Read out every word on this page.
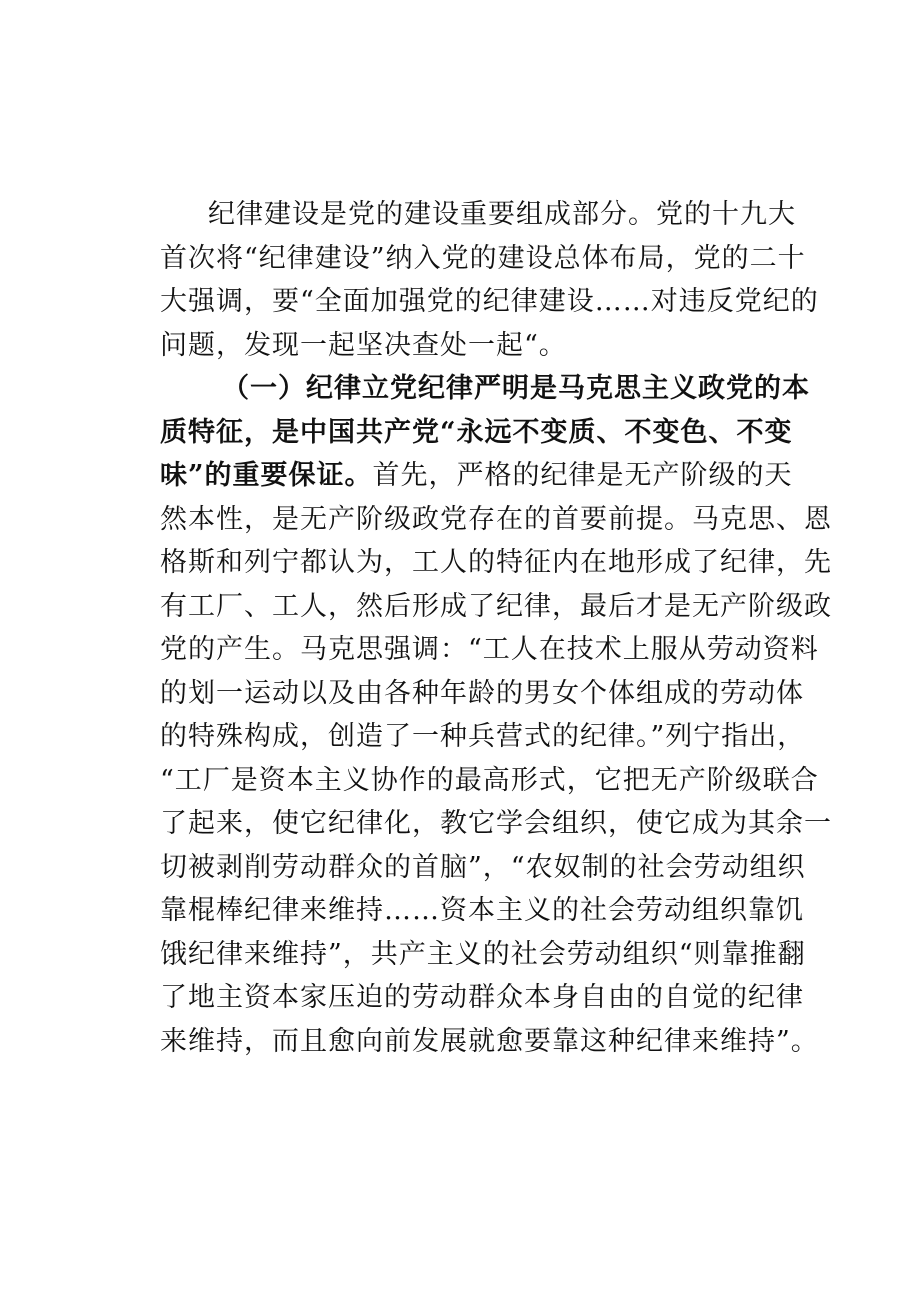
纪律建设是党的建设重要组成部分。党的十九大
首次将“纪律建设”纳入党的建设总体布局，党的二十
大强调，要“全面加强党的纪律建设……对违反党纪的
问题，发现一起坚决查处一起“。
（一）纪律立党纪律严明是马克思主义政党的本
质特征，是中国共产党“永远不变质、不变色、不变
味”的重要保证。首先，严格的纪律是无产阶级的天
然本性，是无产阶级政党存在的首要前提。马克思、恩
格斯和列宁都认为，工人的特征内在地形成了纪律，先
有工厂、工人，然后形成了纪律，最后才是无产阶级政
党的产生。马克思强调：“工人在技术上服从劳动资料
的划一运动以及由各种年龄的男女个体组成的劳动体
的特殊构成，创造了一种兵营式的纪律。”列宁指出，
“工厂是资本主义协作的最高形式，它把无产阶级联合
了起来，使它纪律化，教它学会组织，使它成为其余一
切被剥削劳动群众的首脑”，“农奴制的社会劳动组织
靠棍棒纪律来维持……资本主义的社会劳动组织靠饥
饿纪律来维持”，共产主义的社会劳动组织“则靠推翻
了地主资本家压迫的劳动群众本身自由的自觉的纪律
来维持，而且愈向前发展就愈要靠这种纪律来维持”。
